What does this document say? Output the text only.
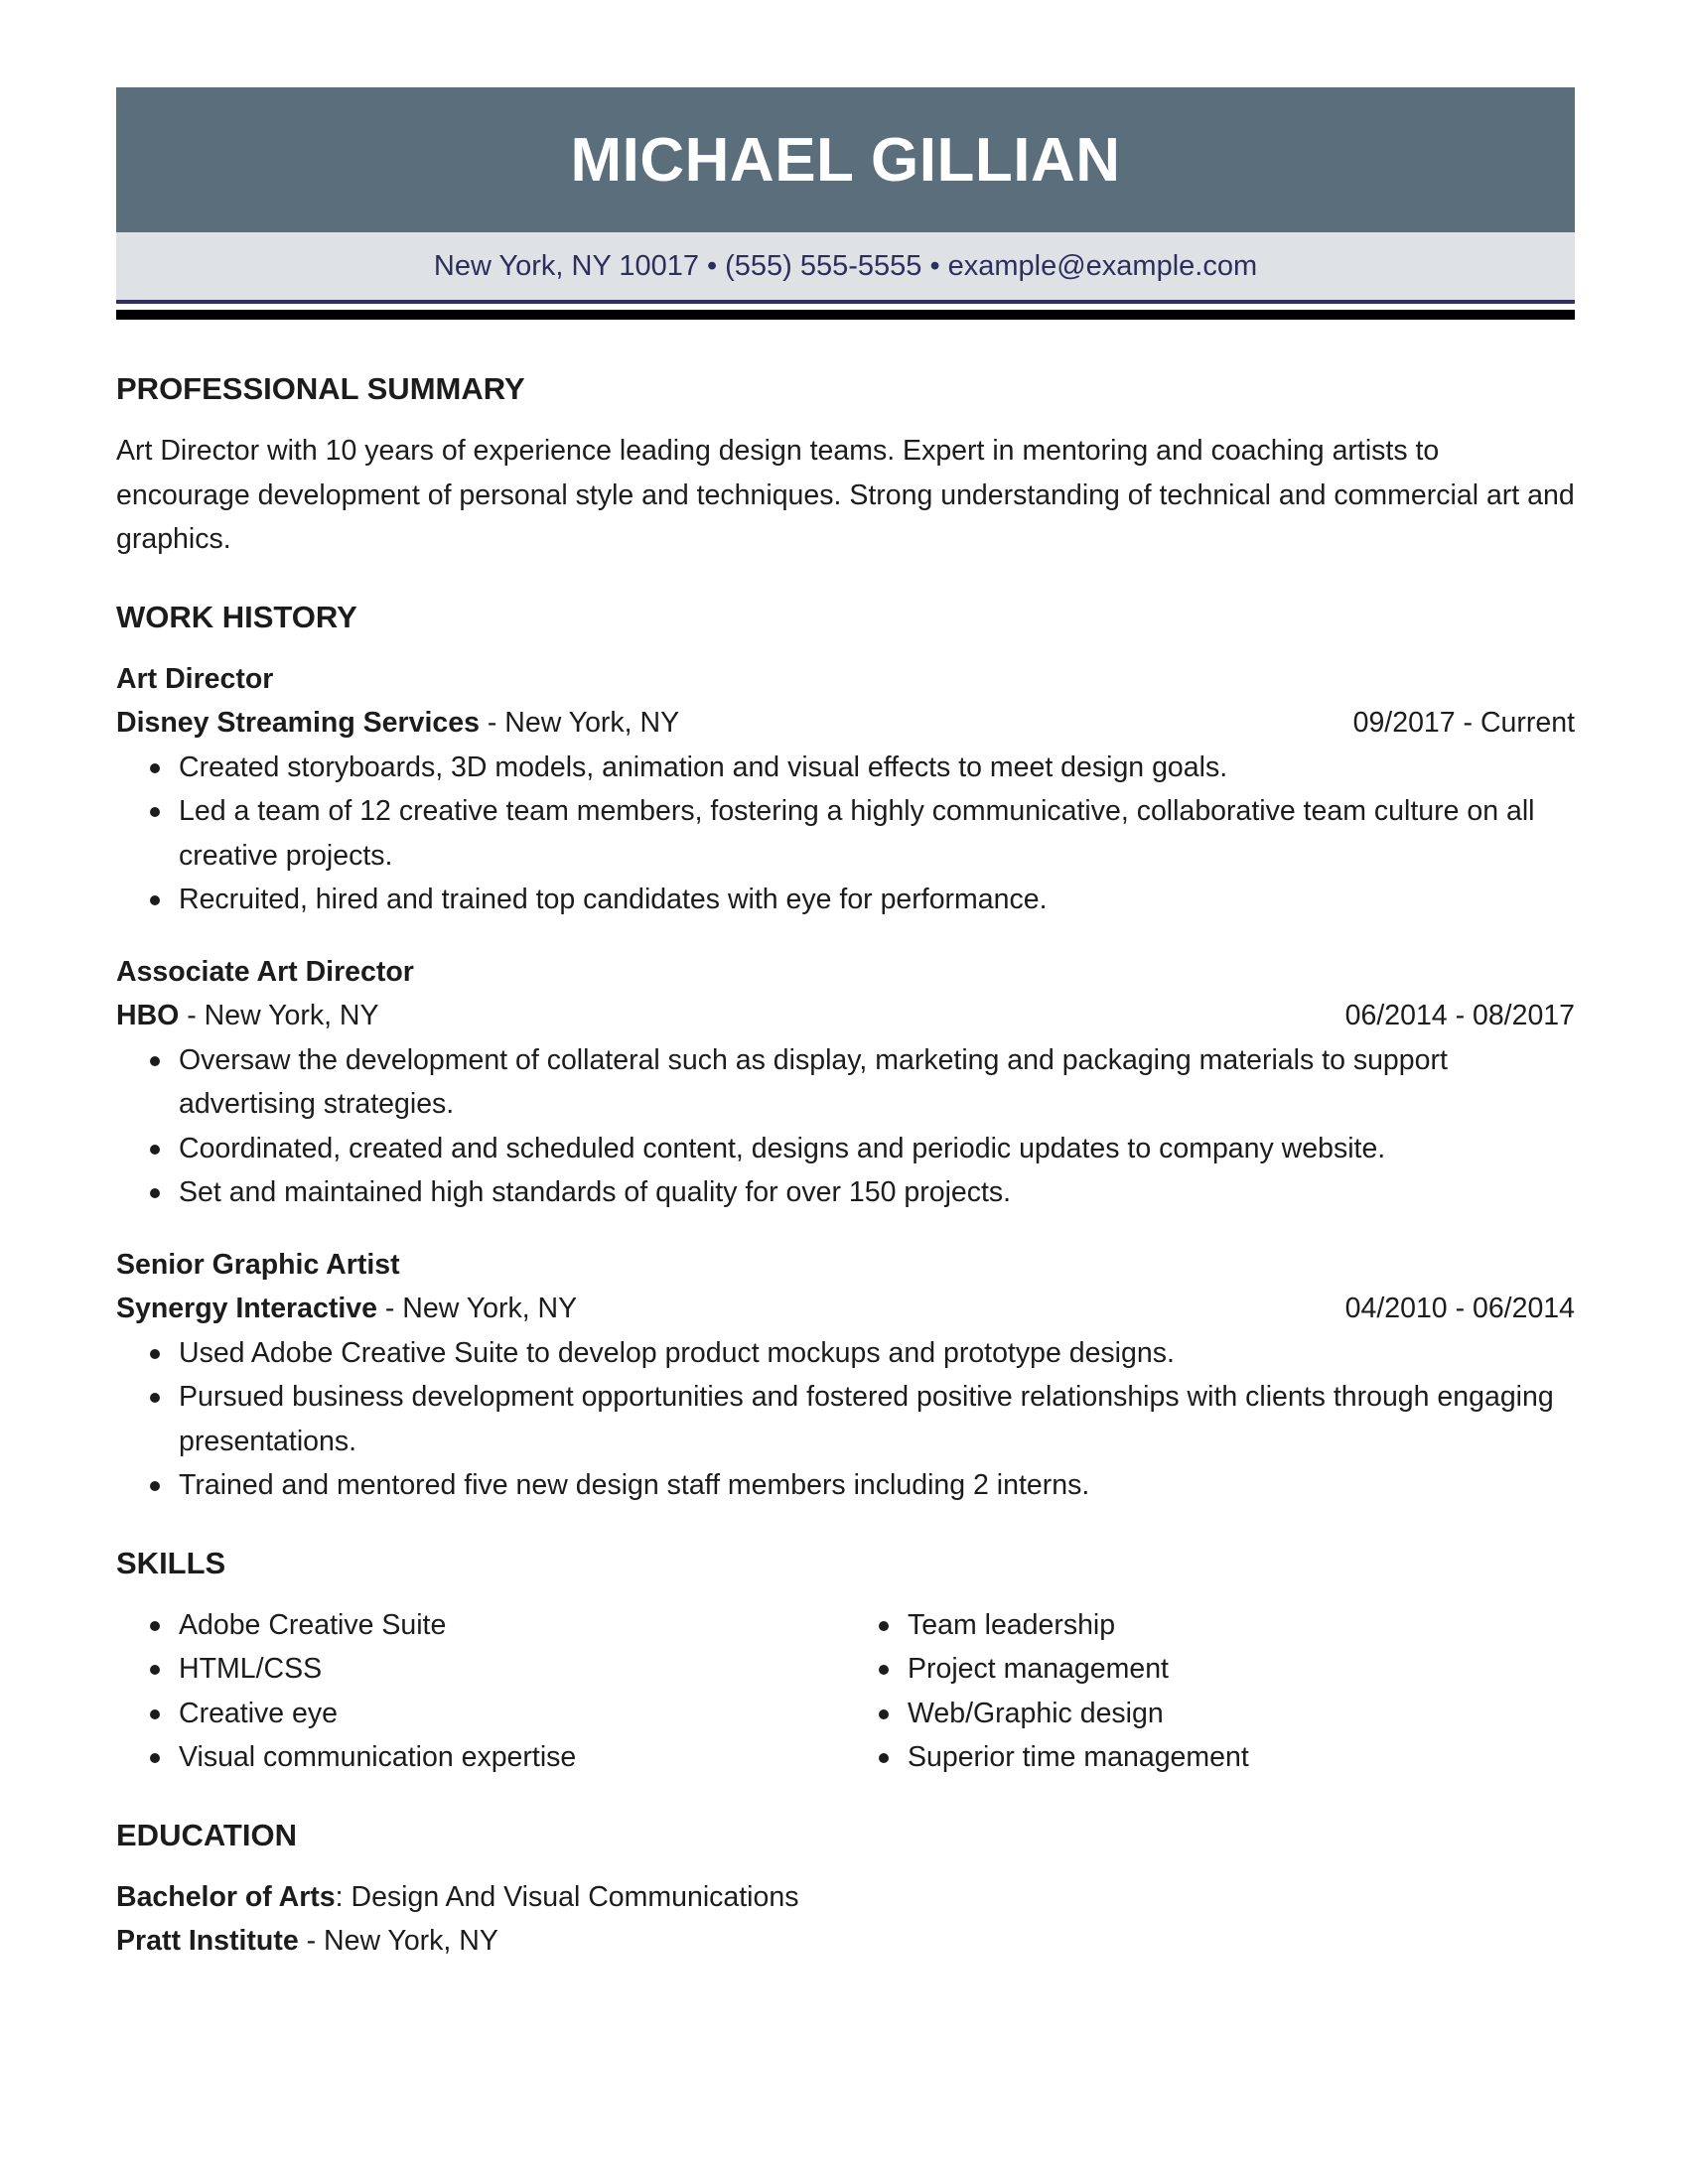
MICHAEL GILLIAN
New York, NY 10017 • (555) 555-5555 • example@example.com
PROFESSIONAL SUMMARY
Art Director with 10 years of experience leading design teams. Expert in mentoring and coaching artists to encourage development of personal style and techniques. Strong understanding of technical and commercial art and graphics.
WORK HISTORY
Art Director
Disney Streaming Services - New York, NY	09/2017 - Current
Created storyboards, 3D models, animation and visual effects to meet design goals.
Led a team of 12 creative team members, fostering a highly communicative, collaborative team culture on all creative projects.
Recruited, hired and trained top candidates with eye for performance.
Associate Art Director
HBO - New York, NY	06/2014 - 08/2017
Oversaw the development of collateral such as display, marketing and packaging materials to support advertising strategies.
Coordinated, created and scheduled content, designs and periodic updates to company website.
Set and maintained high standards of quality for over 150 projects.
Senior Graphic Artist
Synergy Interactive - New York, NY	04/2010 - 06/2014
Used Adobe Creative Suite to develop product mockups and prototype designs.
Pursued business development opportunities and fostered positive relationships with clients through engaging presentations.
Trained and mentored five new design staff members including 2 interns.
SKILLS
Adobe Creative Suite
HTML/CSS
Creative eye
Visual communication expertise
Team leadership
Project management
Web/Graphic design
Superior time management
EDUCATION
Bachelor of Arts: Design And Visual Communications
Pratt Institute - New York, NY
